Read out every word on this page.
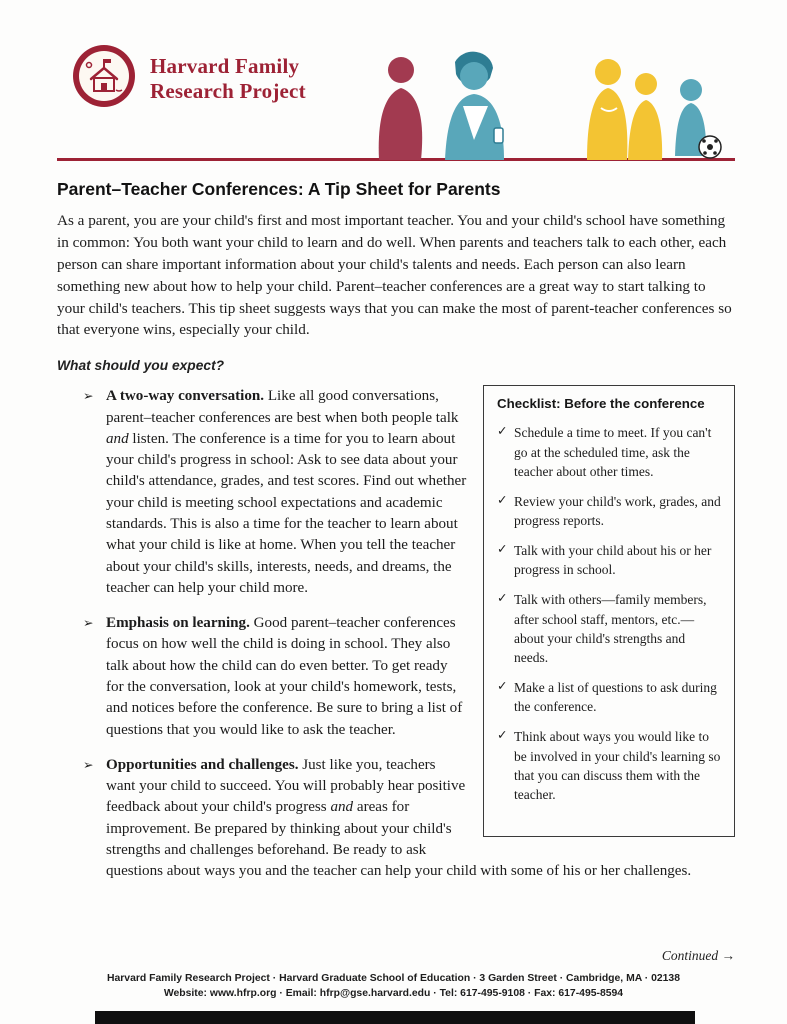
Harvard Family
Research Project
Parent–Teacher Conferences: A Tip Sheet for Parents

As a parent, you are your child's first and most important teacher. You and your child's school have something in common: You both want your child to learn and do well. When parents and teachers talk to each other, each person can share important information about your child's talents and needs. Each person can also learn something new about how to help your child. Parent–teacher conferences are a great way to start talking to your child's teachers. This tip sheet suggests ways that you can make the most of parent-teacher conferences so that everyone wins, especially your child.

What should you expect?
Checklist: Before the conference
✓ Schedule a time to meet. If you can't go at the scheduled time, ask the teacher about other times.
✓ Review your child's work, grades, and progress reports.
✓ Talk with your child about his or her progress in school.
✓ Talk with others—family members, after school staff, mentors, etc.—about your child's strengths and needs.
✓ Make a list of questions to ask during the conference.
✓ Think about ways you would like to be involved in your child's learning so that you can discuss them with the teacher.
➢ A two-way conversation. Like all good conversations, parent–teacher conferences are best when both people talk and listen. The conference is a time for you to learn about your child's progress in school: Ask to see data about your child's attendance, grades, and test scores. Find out whether your child is meeting school expectations and academic standards. This is also a time for the teacher to learn about what your child is like at home. When you tell the teacher about your child's skills, interests, needs, and dreams, the teacher can help your child more.
➢ Emphasis on learning. Good parent–teacher conferences focus on how well the child is doing in school. They also talk about how the child can do even better. To get ready for the conversation, look at your child's homework, tests, and notices before the conference. Be sure to bring a list of questions that you would like to ask the teacher.
➢ Opportunities and challenges. Just like you, teachers want your child to succeed. You will probably hear positive feedback about your child's progress and areas for improvement. Be prepared by thinking about your child's strengths and challenges beforehand. Be ready to ask questions about ways you and the teacher can help your child with some of his or her challenges.
Continued →
Harvard Family Research Project · Harvard Graduate School of Education · 3 Garden Street · Cambridge, MA · 02138
Website: www.hfrp.org · Email: hfrp@gse.harvard.edu · Tel: 617-495-9108 · Fax: 617-495-8594
